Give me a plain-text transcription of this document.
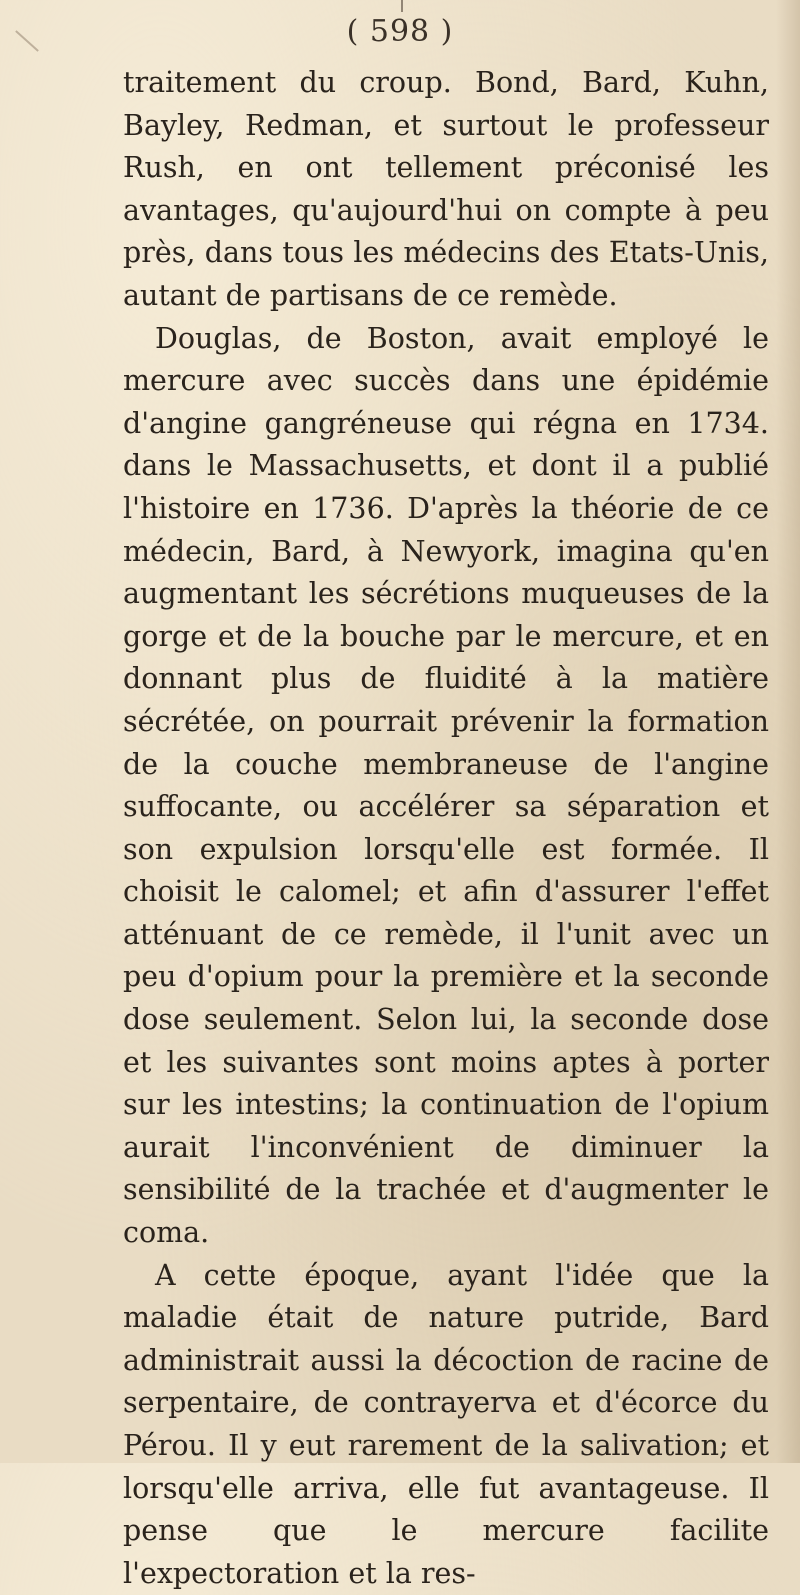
( 598 )

traitement du croup. Bond, Bard, Kuhn, Bayley, Redman, et surtout le professeur Rush, en ont tellement préconisé les avantages, qu'aujourd'hui on compte à peu près, dans tous les médecins des Etats-Unis, autant de partisans de ce remède.

Douglas, de Boston, avait employé le mercure avec succès dans une épidémie d'angine gangréneuse qui régna en 1734. dans le Massachusetts, et dont il a publié l'histoire en 1736. D'après la théorie de ce médecin, Bard, à Newyork, imagina qu'en augmentant les sécrétions muqueuses de la gorge et de la bouche par le mercure, et en donnant plus de fluidité à la matière sécrétée, on pourrait prévenir la formation de la couche membraneuse de l'angine suffocante, ou accélérer sa séparation et son expulsion lorsqu'elle est formée. Il choisit le calomel; et afin d'assurer l'effet atténuant de ce remède, il l'unit avec un peu d'opium pour la première et la seconde dose seulement. Selon lui, la seconde dose et les suivantes sont moins aptes à porter sur les intestins; la continuation de l'opium aurait l'inconvénient de diminuer la sensibilité de la trachée et d'augmenter le coma.

A cette époque, ayant l'idée que la maladie était de nature putride, Bard administrait aussi la décoction de racine de serpentaire, de contrayerva et d'écorce du Pérou. Il y eut rarement de la salivation; et lorsqu'elle arriva, elle fut avantageuse. Il pense que le mercure facilite l'expectoration et la res-
